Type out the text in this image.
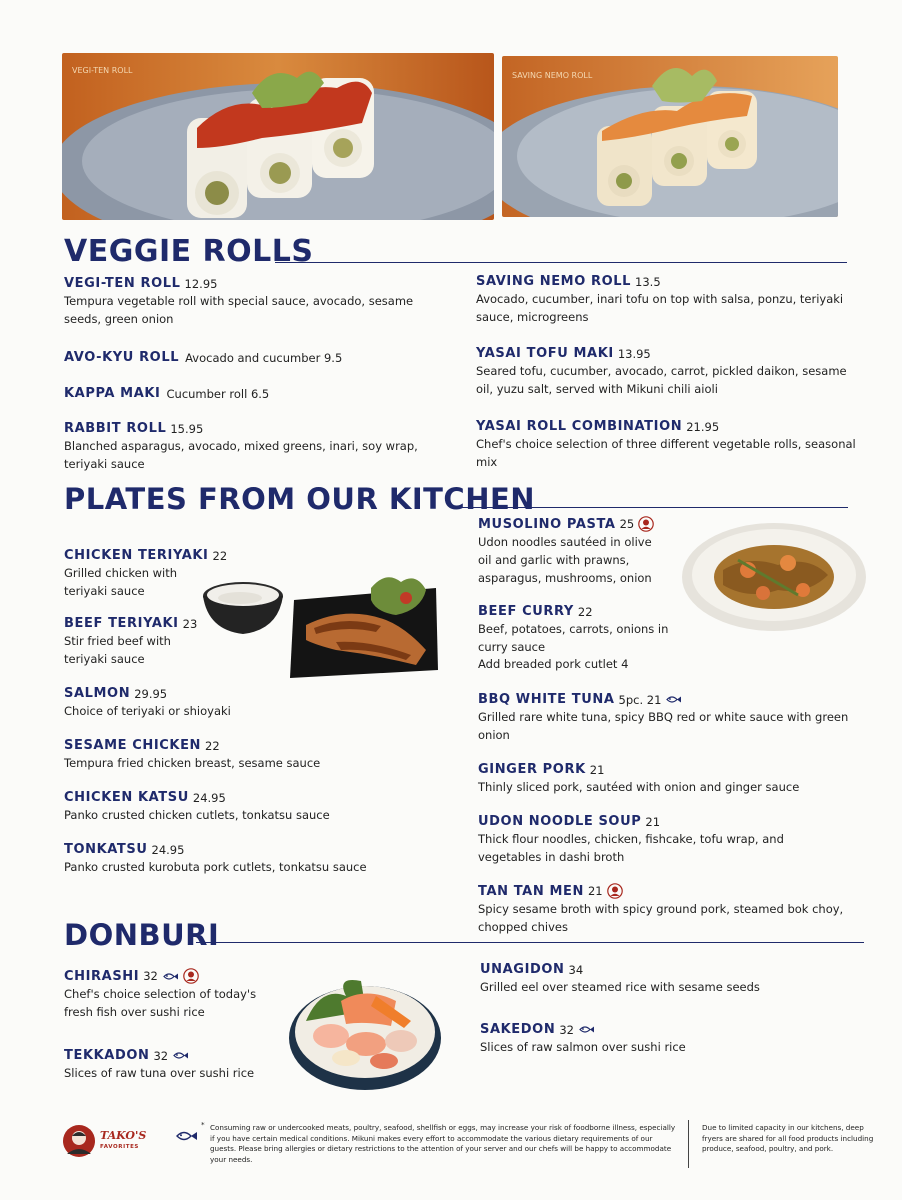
VEGI-TEN ROLL
SAVING NEMO ROLL
VEGGIE ROLLS
VEGI-TEN ROLL 12.95
Tempura vegetable roll with special sauce, avocado, sesame seeds, green onion
AVO-KYU ROLL Avocado and cucumber 9.5
KAPPA MAKI Cucumber roll 6.5
RABBIT ROLL 15.95
Blanched asparagus, avocado, mixed greens, inari, soy wrap, teriyaki sauce
SAVING NEMO ROLL 13.5
Avocado, cucumber, inari tofu on top with salsa, ponzu, teriyaki sauce, microgreens
YASAI TOFU MAKI 13.95
Seared tofu, cucumber, avocado, carrot, pickled daikon, sesame oil, yuzu salt, served with Mikuni chili aioli
YASAI ROLL COMBINATION 21.95
Chef's choice selection of three different vegetable rolls, seasonal mix
PLATES FROM OUR KITCHEN
CHICKEN TERIYAKI 22
Grilled chicken with teriyaki sauce
BEEF TERIYAKI 23
Stir fried beef with teriyaki sauce
SALMON 29.95
Choice of teriyaki or shioyaki
SESAME CHICKEN 22
Tempura fried chicken breast, sesame sauce
CHICKEN KATSU 24.95
Panko crusted chicken cutlets, tonkatsu sauce
TONKATSU 24.95
Panko crusted kurobuta pork cutlets, tonkatsu sauce
MUSOLINO PASTA 25
Udon noodles sautéed in olive oil and garlic with prawns, asparagus, mushrooms, onion
BEEF CURRY 22
Beef, potatoes, carrots, onions in curry sauce
Add breaded pork cutlet 4
BBQ WHITE TUNA 5pc. 21
Grilled rare white tuna, spicy BBQ red or white sauce with green onion
GINGER PORK 21
Thinly sliced pork, sautéed with onion and ginger sauce
UDON NOODLE SOUP 21
Thick flour noodles, chicken, fishcake, tofu wrap, and vegetables in dashi broth
TAN TAN MEN 21
Spicy sesame broth with spicy ground pork, steamed bok choy, chopped chives
DONBURI
CHIRASHI 32
Chef's choice selection of today's fresh fish over sushi rice
TEKKADON 32
Slices of raw tuna over sushi rice
UNAGIDON 34
Grilled eel over steamed rice with sesame seeds
SAKEDON 32
Slices of raw salmon over sushi rice
TAKO'S
FAVORITES
* Consuming raw or undercooked meats, poultry, seafood, shellfish or eggs, may increase your risk of foodborne illness, especially if you have certain medical conditions. Mikuni makes every effort to accommodate the various dietary requirements of our guests. Please bring allergies or dietary restrictions to the attention of your server and our chefs will be happy to accommodate your needs.
Due to limited capacity in our kitchens, deep fryers are shared for all food products including produce, seafood, poultry, and pork.
